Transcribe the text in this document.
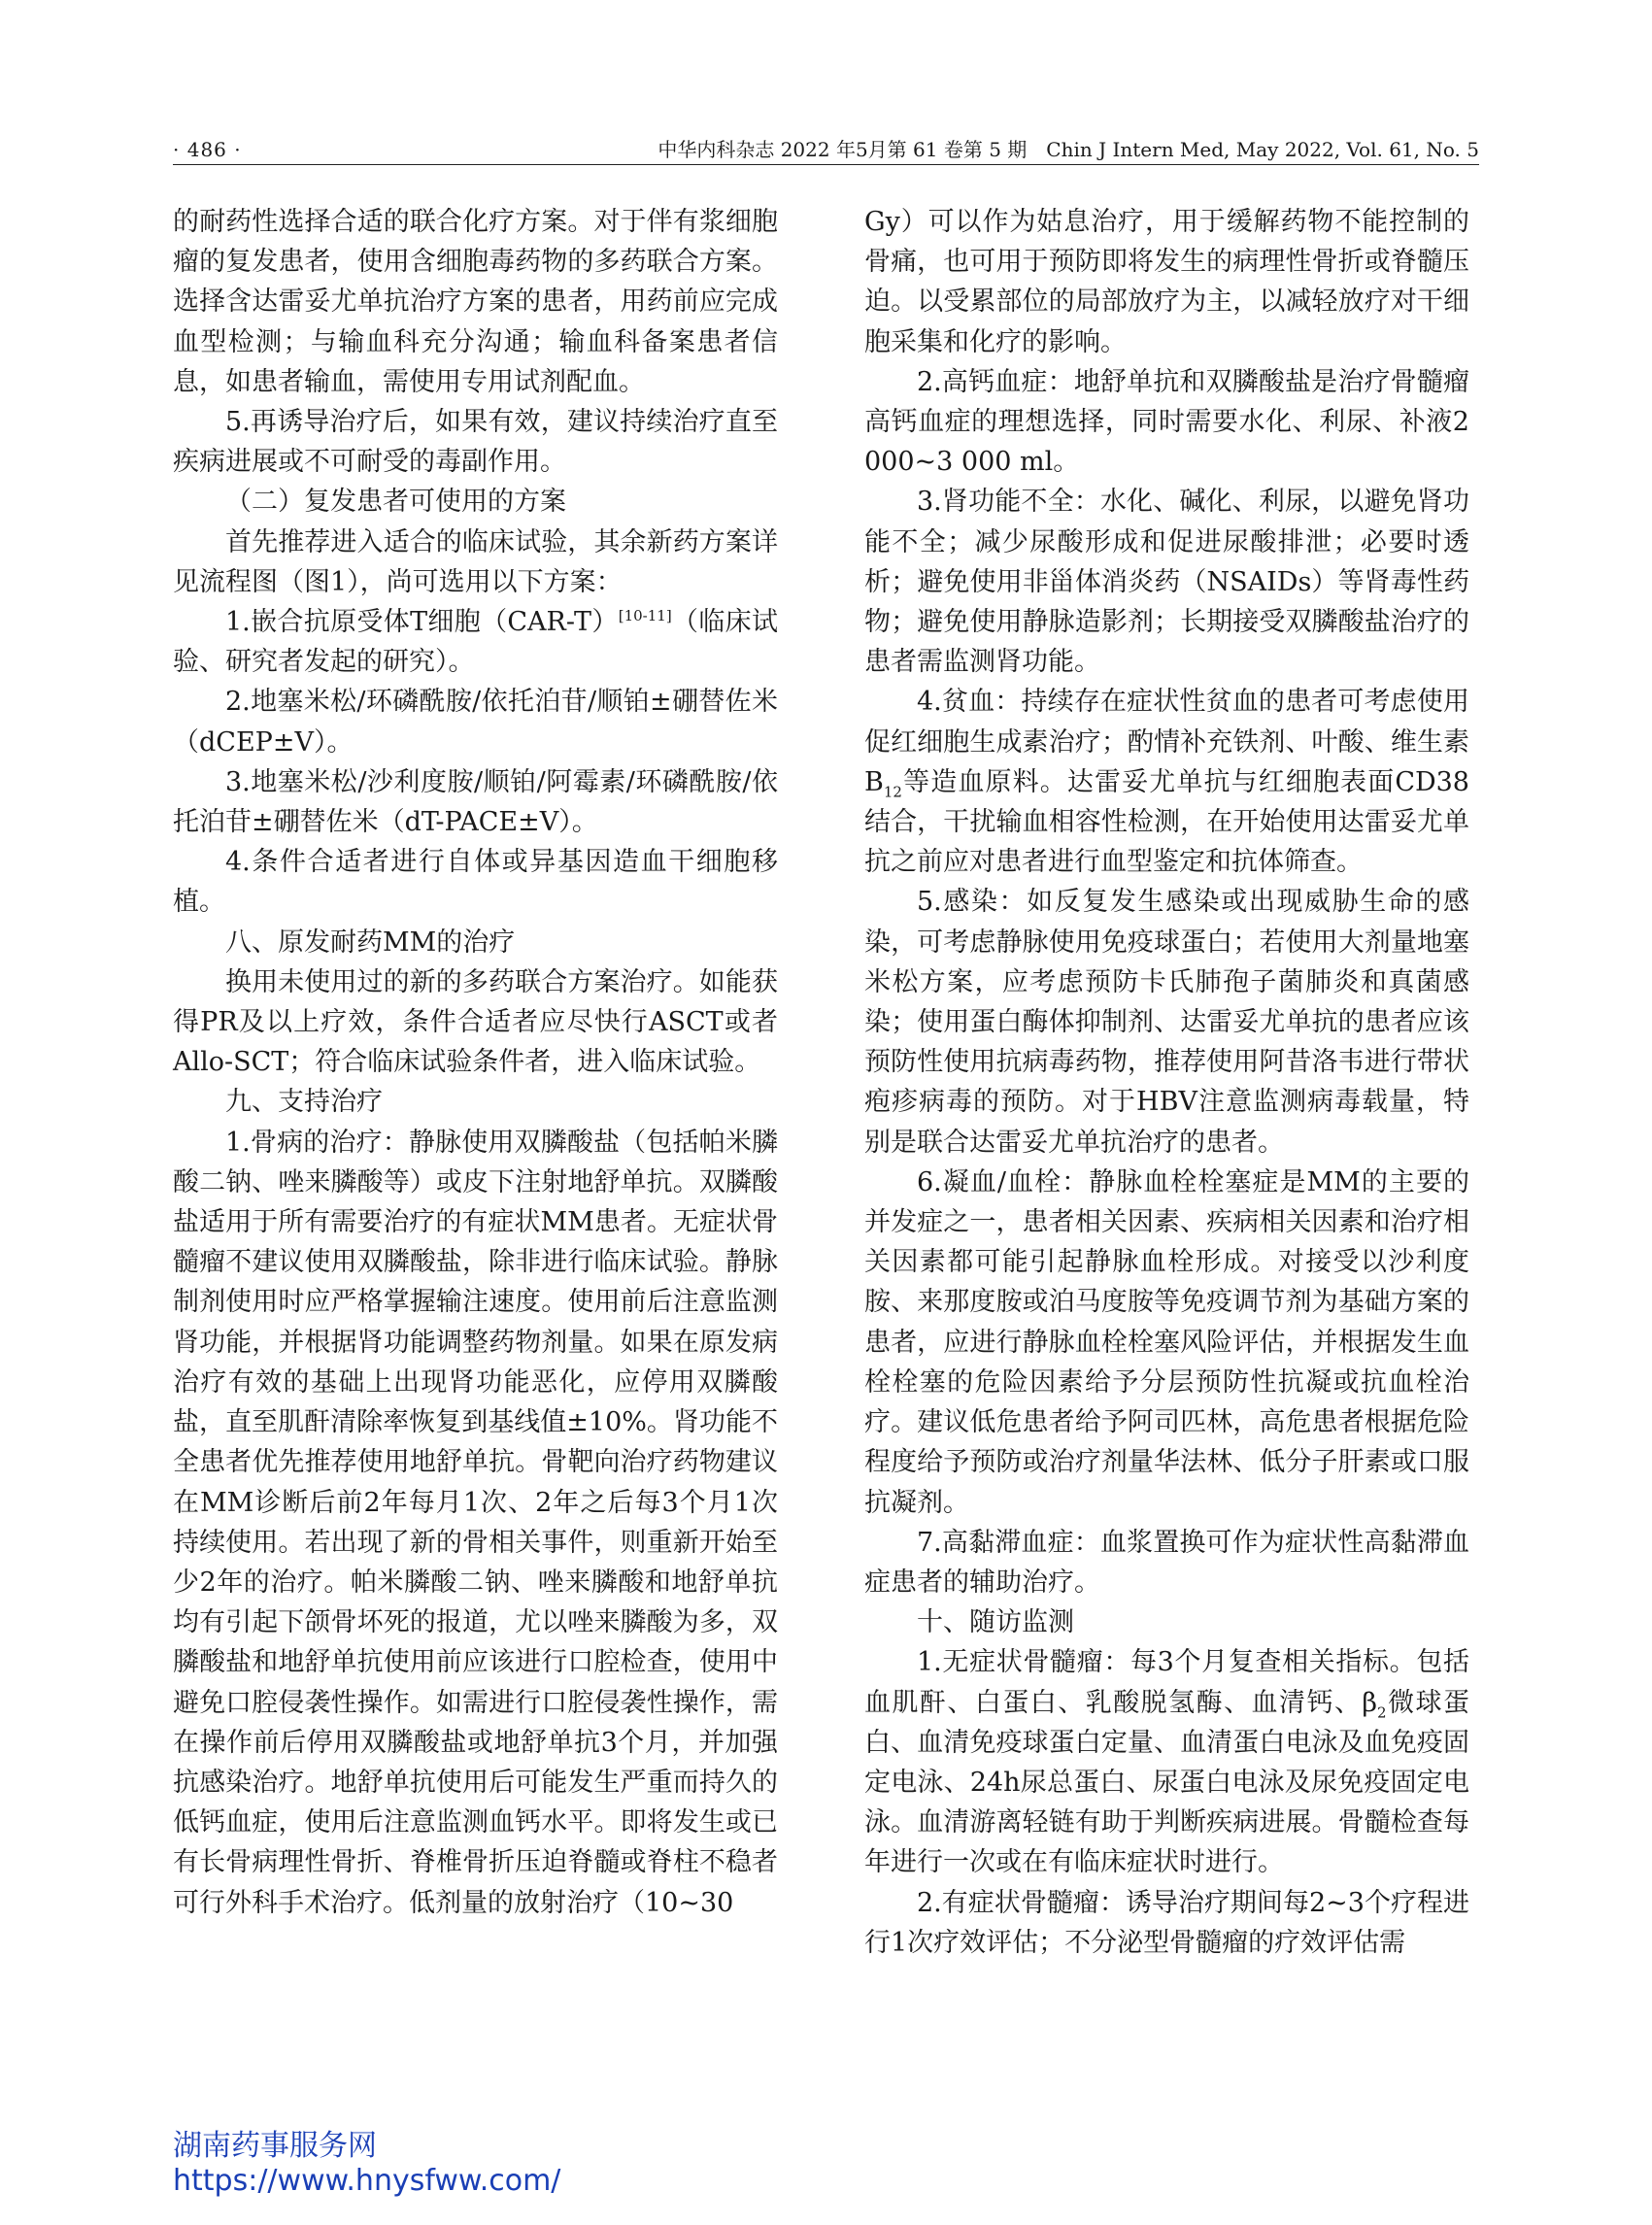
· 486 ·	中华内科杂志 2022 年5月第 61 卷第 5 期　Chin J Intern Med, May 2022, Vol. 61, No. 5

的耐药性选择合适的联合化疗方案。对于伴有浆细胞瘤的复发患者，使用含细胞毒药物的多药联合方案。选择含达雷妥尤单抗治疗方案的患者，用药前应完成血型检测；与输血科充分沟通；输血科备案患者信息，如患者输血，需使用专用试剂配血。

5.再诱导治疗后，如果有效，建议持续治疗直至疾病进展或不可耐受的毒副作用。

（二）复发患者可使用的方案

首先推荐进入适合的临床试验，其余新药方案详见流程图（图1），尚可选用以下方案：

1.嵌合抗原受体T细胞（CAR-T）[10-11]（临床试验、研究者发起的研究）。

2.地塞米松/环磷酰胺/依托泊苷/顺铂±硼替佐米（dCEP±V）。

3.地塞米松/沙利度胺/顺铂/阿霉素/环磷酰胺/依托泊苷±硼替佐米（dT-PACE±V）。

4.条件合适者进行自体或异基因造血干细胞移植。

八、原发耐药MM的治疗

换用未使用过的新的多药联合方案治疗。如能获得PR及以上疗效，条件合适者应尽快行ASCT或者Allo-SCT；符合临床试验条件者，进入临床试验。

九、支持治疗

1.骨病的治疗：静脉使用双膦酸盐（包括帕米膦酸二钠、唑来膦酸等）或皮下注射地舒单抗。双膦酸盐适用于所有需要治疗的有症状MM患者。无症状骨髓瘤不建议使用双膦酸盐，除非进行临床试验。静脉制剂使用时应严格掌握输注速度。使用前后注意监测肾功能，并根据肾功能调整药物剂量。如果在原发病治疗有效的基础上出现肾功能恶化，应停用双膦酸盐，直至肌酐清除率恢复到基线值±10%。肾功能不全患者优先推荐使用地舒单抗。骨靶向治疗药物建议在MM诊断后前2年每月1次、2年之后每3个月1次持续使用。若出现了新的骨相关事件，则重新开始至少2年的治疗。帕米膦酸二钠、唑来膦酸和地舒单抗均有引起下颌骨坏死的报道，尤以唑来膦酸为多，双膦酸盐和地舒单抗使用前应该进行口腔检查，使用中避免口腔侵袭性操作。如需进行口腔侵袭性操作，需在操作前后停用双膦酸盐或地舒单抗3个月，并加强抗感染治疗。地舒单抗使用后可能发生严重而持久的低钙血症，使用后注意监测血钙水平。即将发生或已有长骨病理性骨折、脊椎骨折压迫脊髓或脊柱不稳者可行外科手术治疗。低剂量的放射治疗（10~30

Gy）可以作为姑息治疗，用于缓解药物不能控制的骨痛，也可用于预防即将发生的病理性骨折或脊髓压迫。以受累部位的局部放疗为主，以减轻放疗对干细胞采集和化疗的影响。

2.高钙血症：地舒单抗和双膦酸盐是治疗骨髓瘤高钙血症的理想选择，同时需要水化、利尿、补液2 000~3 000 ml。

3.肾功能不全：水化、碱化、利尿，以避免肾功能不全；减少尿酸形成和促进尿酸排泄；必要时透析；避免使用非甾体消炎药（NSAIDs）等肾毒性药物；避免使用静脉造影剂；长期接受双膦酸盐治疗的患者需监测肾功能。

4.贫血：持续存在症状性贫血的患者可考虑使用促红细胞生成素治疗；酌情补充铁剂、叶酸、维生素$B_{12}$等造血原料。达雷妥尤单抗与红细胞表面CD38结合，干扰输血相容性检测，在开始使用达雷妥尤单抗之前应对患者进行血型鉴定和抗体筛查。

5.感染：如反复发生感染或出现威胁生命的感染，可考虑静脉使用免疫球蛋白；若使用大剂量地塞米松方案，应考虑预防卡氏肺孢子菌肺炎和真菌感染；使用蛋白酶体抑制剂、达雷妥尤单抗的患者应该预防性使用抗病毒药物，推荐使用阿昔洛韦进行带状疱疹病毒的预防。对于HBV注意监测病毒载量，特别是联合达雷妥尤单抗治疗的患者。

6.凝血/血栓：静脉血栓栓塞症是MM的主要的并发症之一，患者相关因素、疾病相关因素和治疗相关因素都可能引起静脉血栓形成。对接受以沙利度胺、来那度胺或泊马度胺等免疫调节剂为基础方案的患者，应进行静脉血栓栓塞风险评估，并根据发生血栓栓塞的危险因素给予分层预防性抗凝或抗血栓治疗。建议低危患者给予阿司匹林，高危患者根据危险程度给予预防或治疗剂量华法林、低分子肝素或口服抗凝剂。

7.高黏滞血症：血浆置换可作为症状性高黏滞血症患者的辅助治疗。

十、随访监测

1.无症状骨髓瘤：每3个月复查相关指标。包括血肌酐、白蛋白、乳酸脱氢酶、血清钙、$\beta_2$微球蛋白、血清免疫球蛋白定量、血清蛋白电泳及血免疫固定电泳、24h尿总蛋白、尿蛋白电泳及尿免疫固定电泳。血清游离轻链有助于判断疾病进展。骨髓检查每年进行一次或在有临床症状时进行。

2.有症状骨髓瘤：诱导治疗期间每2~3个疗程进行1次疗效评估；不分泌型骨髓瘤的疗效评估需

湖南药事服务网
https://www.hnysfww.com/
